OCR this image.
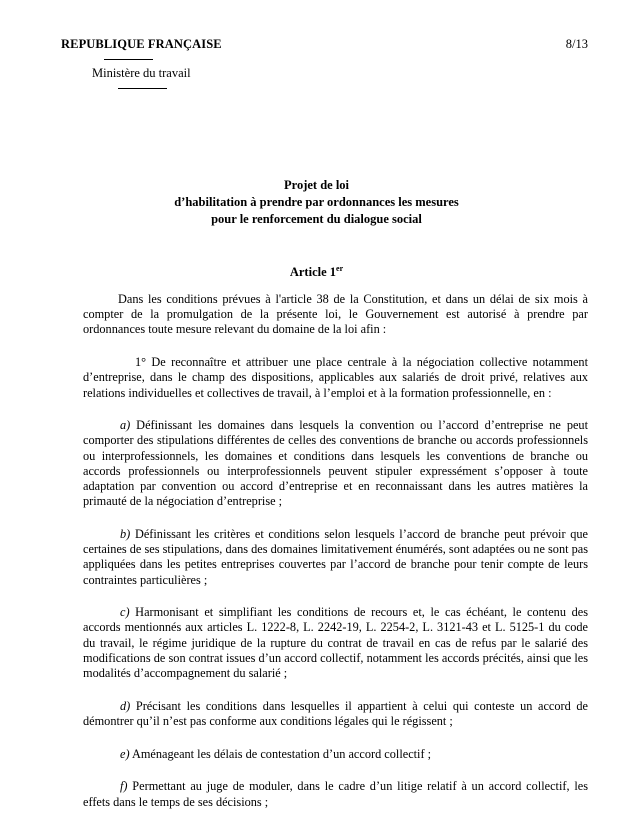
REPUBLIQUE FRANÇAISE
Ministère du travail
8/13
Projet de loi
d’habilitation à prendre par ordonnances les mesures
pour le renforcement du dialogue social
Article 1er

Dans les conditions prévues à l'article 38 de la Constitution, et dans un délai de six mois à compter de la promulgation de la présente loi, le Gouvernement est autorisé à prendre par ordonnances toute mesure relevant du domaine de la loi afin :

1° De reconnaître et attribuer une place centrale à la négociation collective notamment d’entreprise, dans le champ des dispositions, applicables aux salariés de droit privé, relatives aux relations individuelles et collectives de travail, à l’emploi et à la formation professionnelle, en :

a) Définissant les domaines dans lesquels la convention ou l’accord d’entreprise ne peut comporter des stipulations différentes de celles des conventions de branche ou accords professionnels ou interprofessionnels, les domaines et conditions dans lesquels les conventions de branche ou accords professionnels ou interprofessionnels peuvent stipuler expressément s’opposer à toute adaptation par convention ou accord d’entreprise et en reconnaissant dans les autres matières la primauté de la négociation d’entreprise ;

b) Définissant les critères et conditions selon lesquels l’accord de branche peut prévoir que certaines de ses stipulations, dans des domaines limitativement énumérés, sont adaptées ou ne sont pas appliquées dans les petites entreprises couvertes par l’accord de branche pour tenir compte de leurs contraintes particulières ;

c) Harmonisant et simplifiant les conditions de recours et, le cas échéant, le contenu des accords mentionnés aux articles L. 1222-8, L. 2242-19, L. 2254-2, L. 3121-43 et L. 5125-1 du code du travail, le régime juridique de la rupture du contrat de travail en cas de refus par le salarié des modifications de son contrat issues d’un accord collectif, notamment les accords précités, ainsi que les modalités d’accompagnement du salarié ;

d) Précisant les conditions dans lesquelles il appartient à celui qui conteste un accord de démontrer qu’il n’est pas conforme aux conditions légales qui le régissent ;

e) Aménageant les délais de contestation d’un accord collectif ;

f) Permettant au juge de moduler, dans le cadre d’un litige relatif à un accord collectif, les effets dans le temps de ses décisions ;
